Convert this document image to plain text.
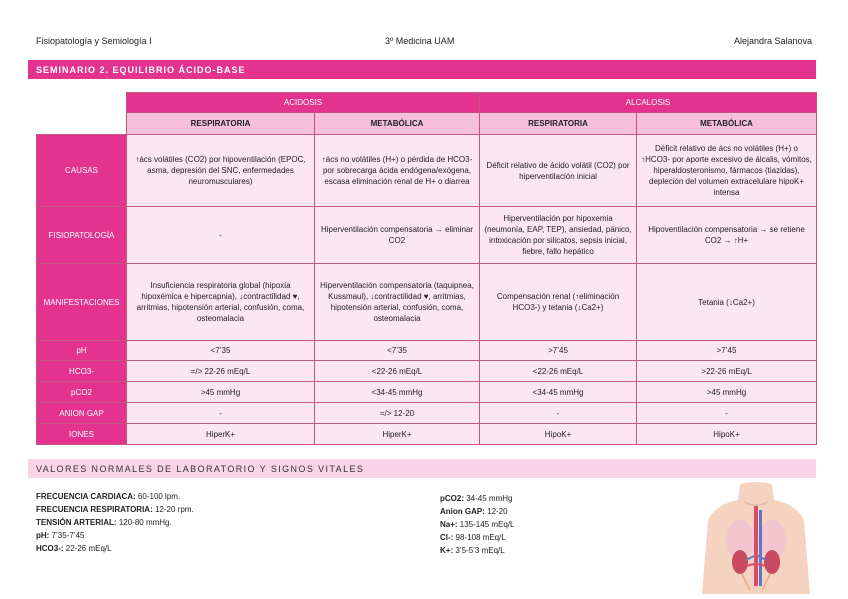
Fisiopatología y Semiología I	3º Medicina UAM	Alejandra Salanova
SEMINARIO 2. EQUILIBRIO ÁCIDO-BASE
	ACIDOSIS		ALCALOSIS	
	RESPIRATORIA	METABÓLICA	RESPIRATORIA	METABÓLICA
CAUSAS	↑ács volátiles (CO2) por hipoventilación (EPOC, asma, depresión del SNC, enfermedades neuromusculares)	↑ács no volátiles (H+) o pérdida de HCO3- por sobrecarga ácida endógena/exógena, escasa eliminación renal de H+ o diarrea	Déficit relativo de ácido volátil (CO2) por hiperventilación inicial	Déficit relativo de ács no volátiles (H+) o ↑HCO3- por aporte excesivo de álcalis, vómitos, hiperaldosteronismo, fármacos (tiazidas), depleción del volumen extracelulare hipoK+ intensa
FISIOPATOLOGÍA	-	Hiperventilación compensatoria → eliminar CO2	Hiperventilación por hipoxemia (neumonía, EAP, TEP), ansiedad, pánico, intoxicación por silicatos, sepsis inicial, fiebre, fallo hepático	Hipoventilación compensatoria → se retiene CO2 → ↑H+
MANIFESTACIONES	Insuficiencia respiratoria global (hipoxia hipoxémica e hipercapnia), ↓contractilidad ♥, arritmias, hipotensión arterial, confusión, coma, osteomalacia	Hiperventilación compensatoria (taquipnea, Kussmaul), ↓contractilidad ♥, arritmias, hipotensión arterial, confusión, coma, osteomalacia	Compensación renal (↑eliminación HCO3-) y tetania (↓Ca2+)	Tetania (↓Ca2+)
pH	<7’35	<7’35	>7’45	>7’45
HCO3-	=/> 22-26 mEq/L	<22-26 mEq/L	<22-26 mEq/L	>22-26 mEq/L
pCO2	>45 mmHg	<34-45 mmHg	<34-45 mmHg	>45 mmHg
ANION GAP	-	=/> 12-20	-	-
IONES	HiperK+	HiperK+	HipoK+	HipoK+
VALORES NORMALES DE LABORATORIO Y SIGNOS VITALES
FRECUENCIA CARDIACA: 60-100 lpm.
FRECUENCIA RESPIRATORIA: 12-20 rpm.
TENSIÓN ARTERIAL: 120-80 mmHg.
pH: 7’35-7’45
HCO3-: 22-26 mEq/L
pCO2: 34-45 mmHg
Anion GAP: 12-20
Na+: 135-145 mEq/L
Cl-: 98-108 mEq/L
K+: 3’5-5’3 mEq/L
